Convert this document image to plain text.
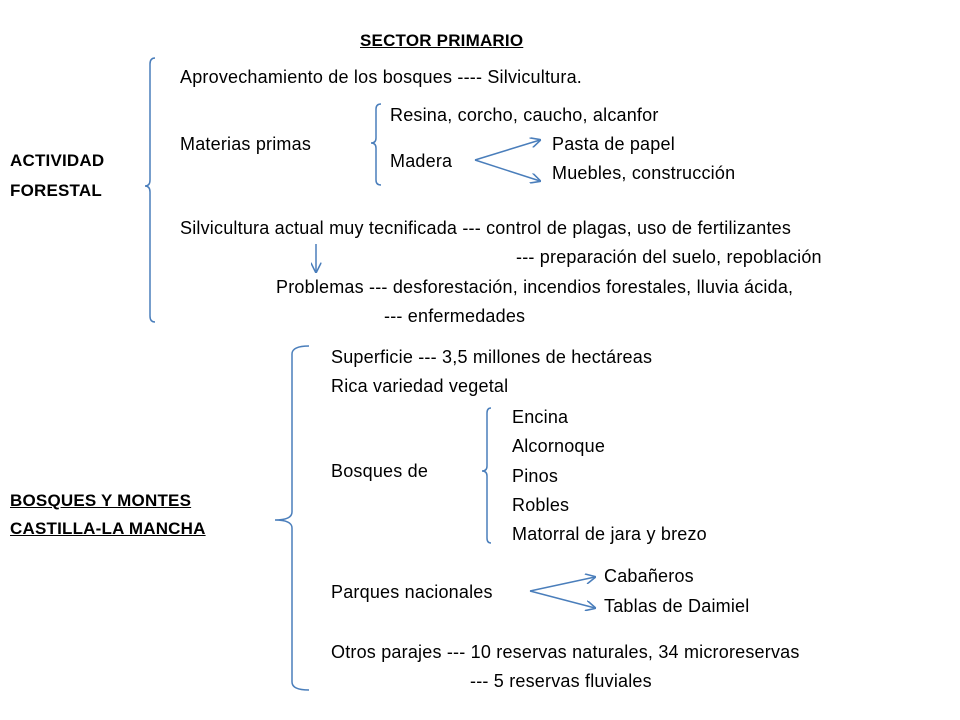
SECTOR PRIMARIO
ACTIVIDAD
FORESTAL
Aprovechamiento de los bosques ---- Silvicultura.
Materias primas
Resina, corcho, caucho, alcanfor
Madera
Pasta de papel
Muebles, construcción
Silvicultura actual muy tecnificada --- control de plagas, uso de fertilizantes
--- preparación del suelo, repoblación
Problemas --- desforestación, incendios forestales, lluvia ácida,
--- enfermedades
BOSQUES Y MONTES
CASTILLA-LA MANCHA
Superficie --- 3,5 millones de hectáreas
Rica variedad vegetal
Bosques de
Encina
Alcornoque
Pinos
Robles
Matorral de jara y brezo
Parques nacionales
Cabañeros
Tablas de Daimiel
Otros parajes --- 10 reservas naturales, 34 microreservas
--- 5 reservas fluviales
